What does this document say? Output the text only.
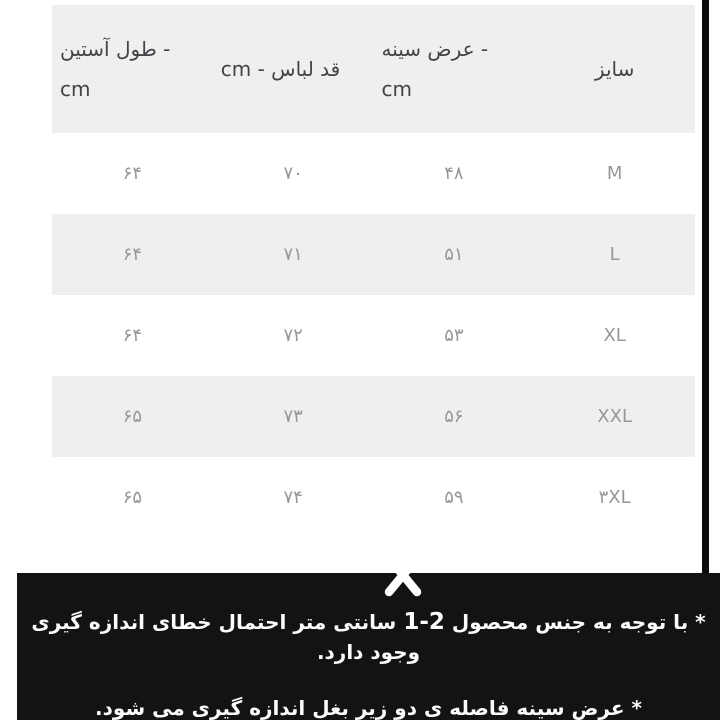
سایز
عرض سینه -
cm
قد لباس - cm
طول آستین -
cm
M
۴۸
۷۰
۶۴
L
۵۱
۷۱
۶۴
XL
۵۳
۷۲
۶۴
XXL
۵۶
۷۳
۶۵
۳XL
۵۹
۷۴
۶۵

* با توجه به جنس محصول 2-1 سانتی متر احتمال خطای اندازه گیری وجود دارد.

* عرض سینه فاصله ی دو زیر بغل اندازه گیری می شود.
